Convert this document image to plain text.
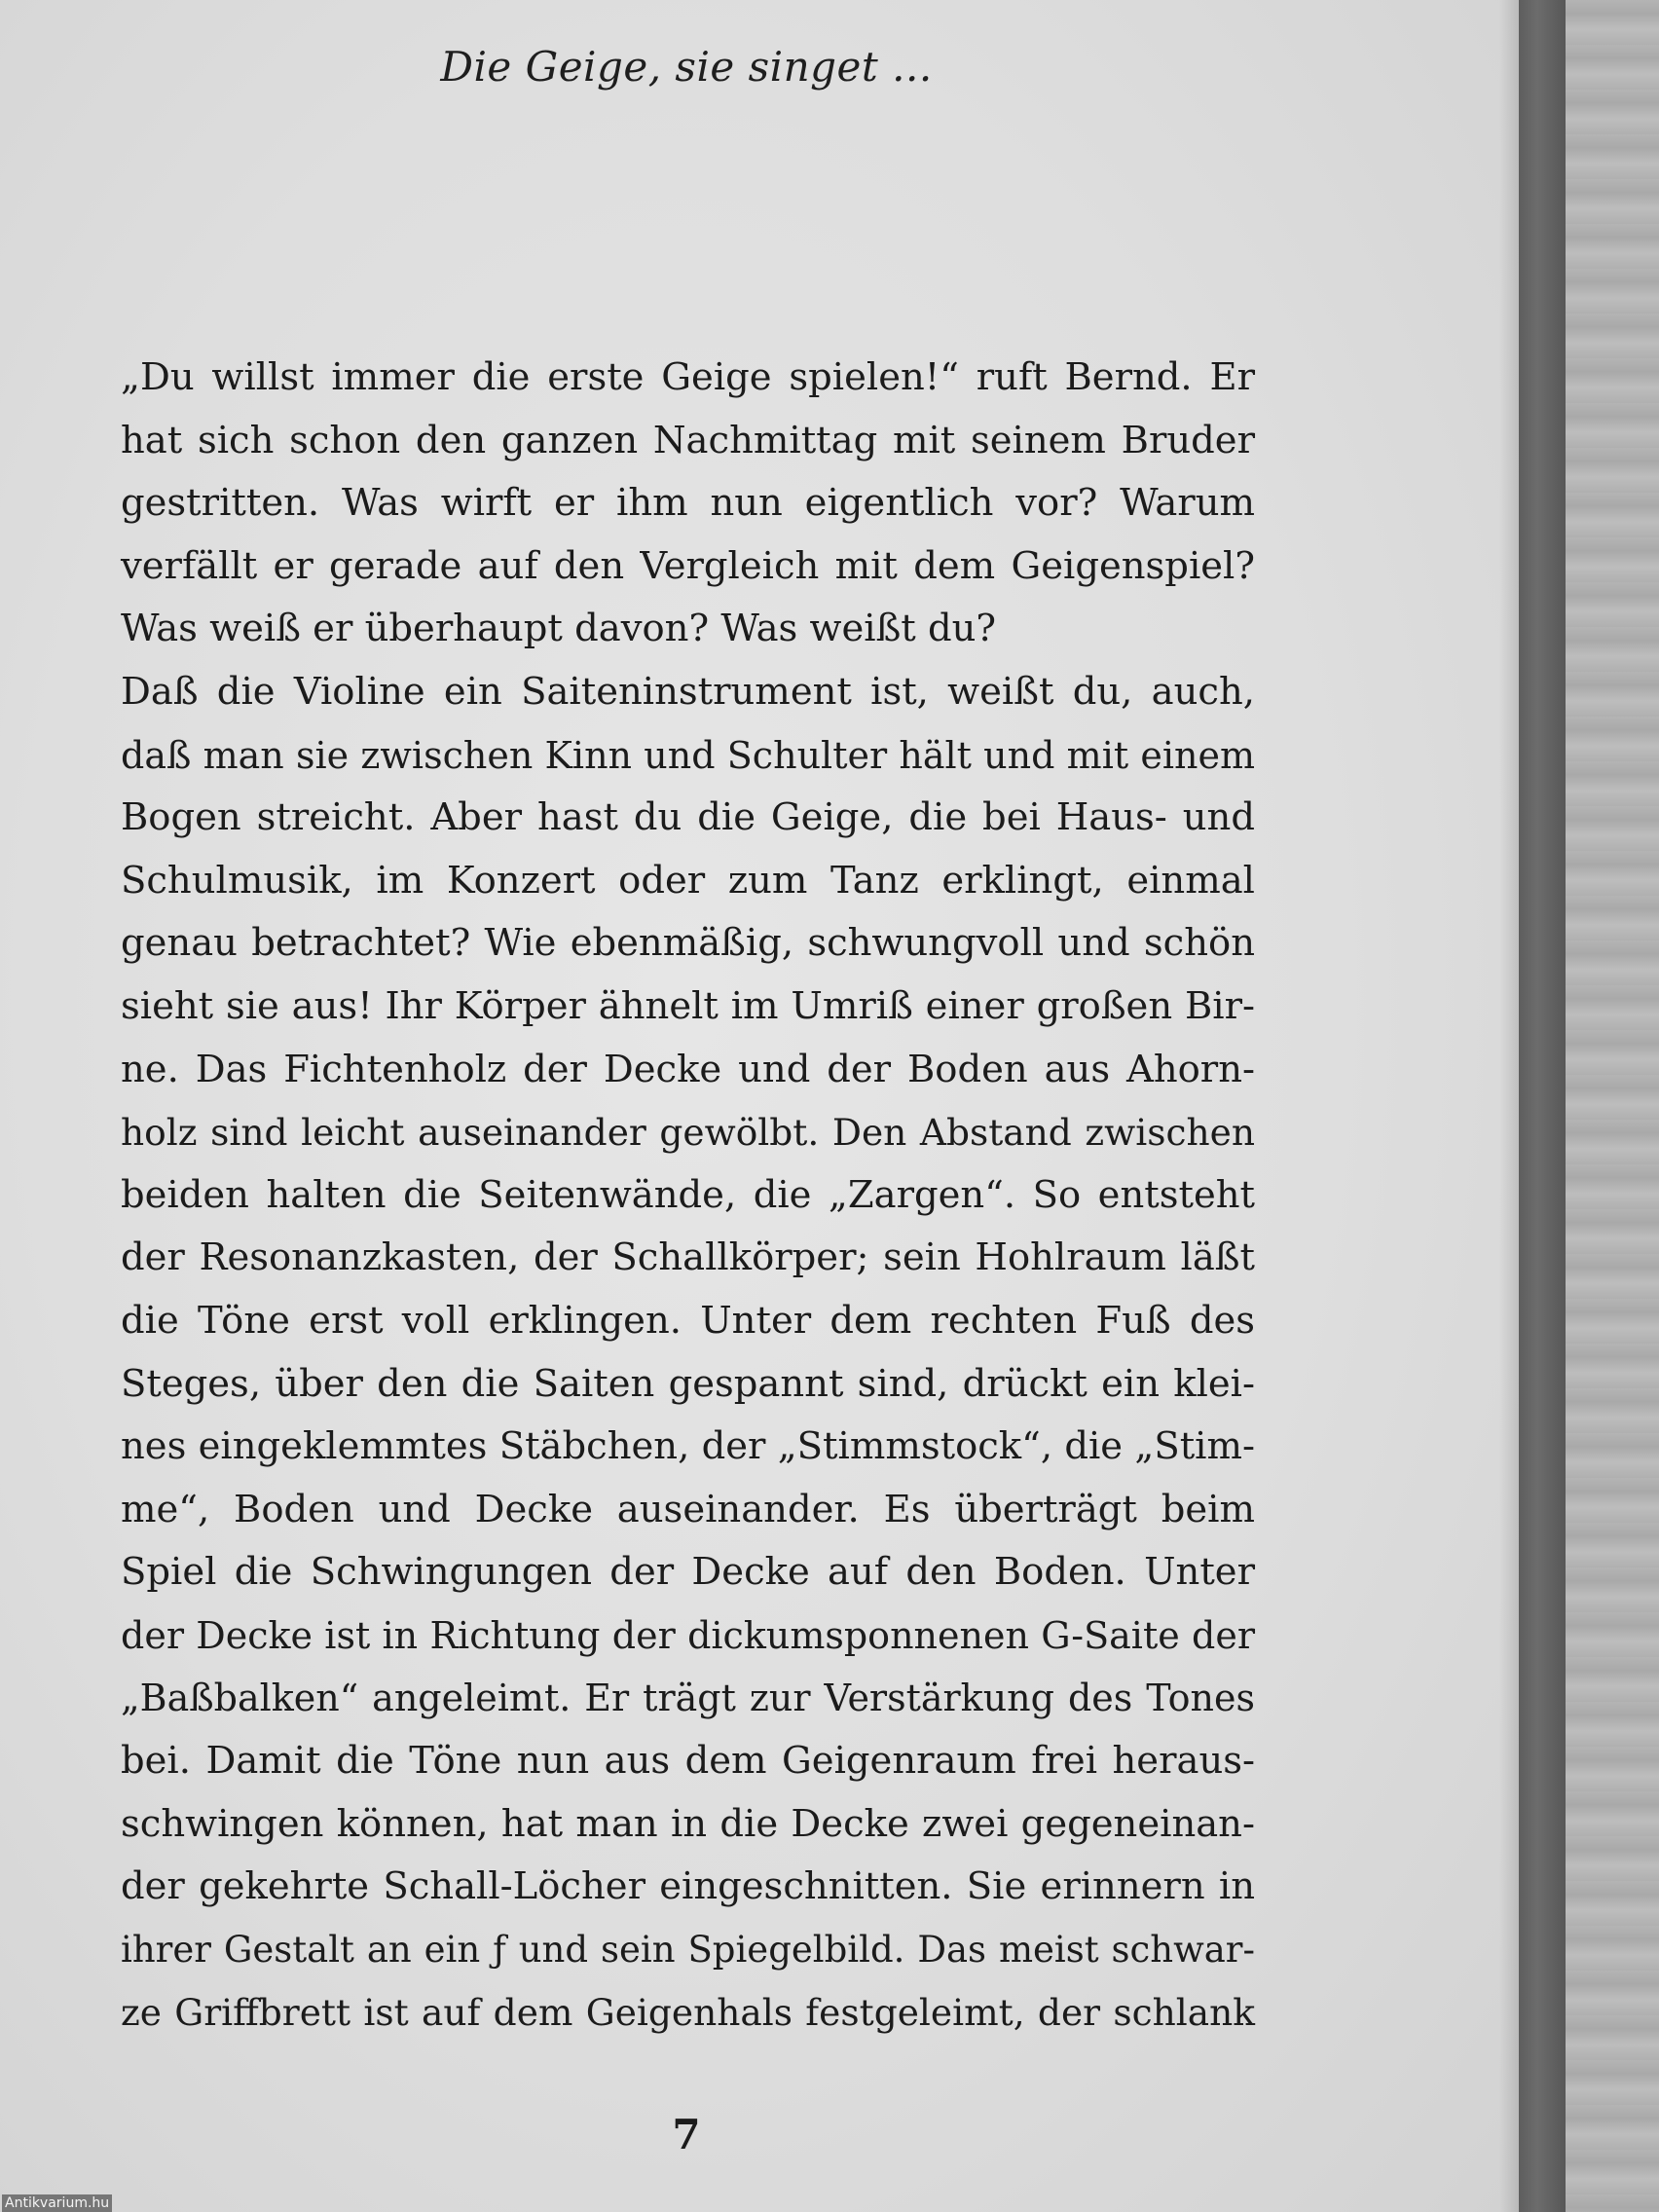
Die Geige, sie singet ...

„Du willst immer die erste Geige spielen!“ ruft Bernd. Er
hat sich schon den ganzen Nachmittag mit seinem Bruder
gestritten. Was wirft er ihm nun eigentlich vor? Warum
verfällt er gerade auf den Vergleich mit dem Geigenspiel?
Was weiß er überhaupt davon? Was weißt du?
Daß die Violine ein Saiteninstrument ist, weißt du, auch,
daß man sie zwischen Kinn und Schulter hält und mit einem
Bogen streicht. Aber hast du die Geige, die bei Haus- und
Schulmusik, im Konzert oder zum Tanz erklingt, einmal
genau betrachtet? Wie ebenmäßig, schwungvoll und schön
sieht sie aus! Ihr Körper ähnelt im Umriß einer großen Bir-
ne. Das Fichtenholz der Decke und der Boden aus Ahorn-
holz sind leicht auseinander gewölbt. Den Abstand zwischen
beiden halten die Seitenwände, die „Zargen“. So entsteht
der Resonanzkasten, der Schallkörper; sein Hohlraum läßt
die Töne erst voll erklingen. Unter dem rechten Fuß des
Steges, über den die Saiten gespannt sind, drückt ein klei-
nes eingeklemmtes Stäbchen, der „Stimmstock“, die „Stim-
me“, Boden und Decke auseinander. Es überträgt beim
Spiel die Schwingungen der Decke auf den Boden. Unter
der Decke ist in Richtung der dickumsponnenen G-Saite der
„Baßbalken“ angeleimt. Er trägt zur Verstärkung des Tones
bei. Damit die Töne nun aus dem Geigenraum frei heraus-
schwingen können, hat man in die Decke zwei gegeneinan-
der gekehrte Schall-Löcher eingeschnitten. Sie erinnern in
ihrer Gestalt an ein ƒ und sein Spiegelbild. Das meist schwar-
ze Griffbrett ist auf dem Geigenhals festgeleimt, der schlank

7

Antikvarium.hu
